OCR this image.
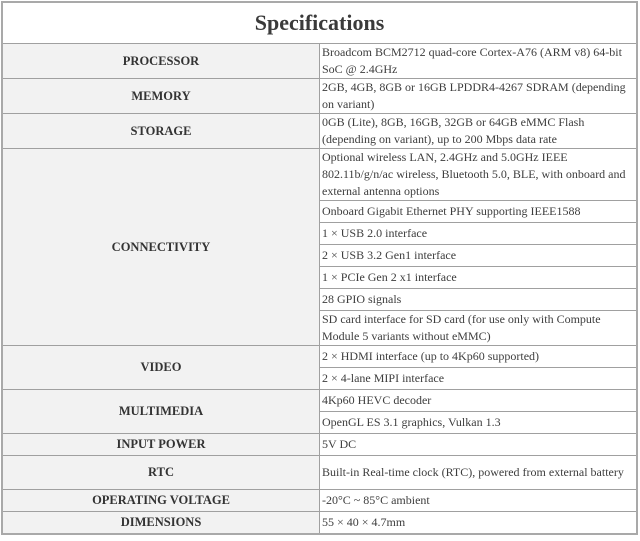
Specifications	
PROCESSOR	Broadcom BCM2712 quad-core Cortex-A76 (ARM v8) 64-bit SoC @ 2.4GHz
MEMORY	2GB, 4GB, 8GB or 16GB LPDDR4-4267 SDRAM (depending on variant)
STORAGE	0GB (Lite), 8GB, 16GB, 32GB or 64GB eMMC Flash (depending on variant), up to 200 Mbps data rate
CONNECTIVITY	Optional wireless LAN, 2.4GHz and 5.0GHz IEEE 802.11b/g/n/ac wireless, Bluetooth 5.0, BLE, with onboard and external antenna options
	Onboard Gigabit Ethernet PHY supporting IEEE1588
	1 × USB 2.0 interface
	2 × USB 3.2 Gen1 interface
	1 × PCIe Gen 2 x1 interface
	28 GPIO signals
	SD card interface for SD card (for use only with Compute Module 5 variants without eMMC)
VIDEO	2 × HDMI interface (up to 4Kp60 supported)
	2 × 4-lane MIPI interface
MULTIMEDIA	4Kp60 HEVC decoder
	OpenGL ES 3.1 graphics, Vulkan 1.3
INPUT POWER	5V DC
RTC	Built-in Real-time clock (RTC), powered from external battery
OPERATING VOLTAGE	-20°C ~ 85°C ambient
DIMENSIONS	55 × 40 × 4.7mm
